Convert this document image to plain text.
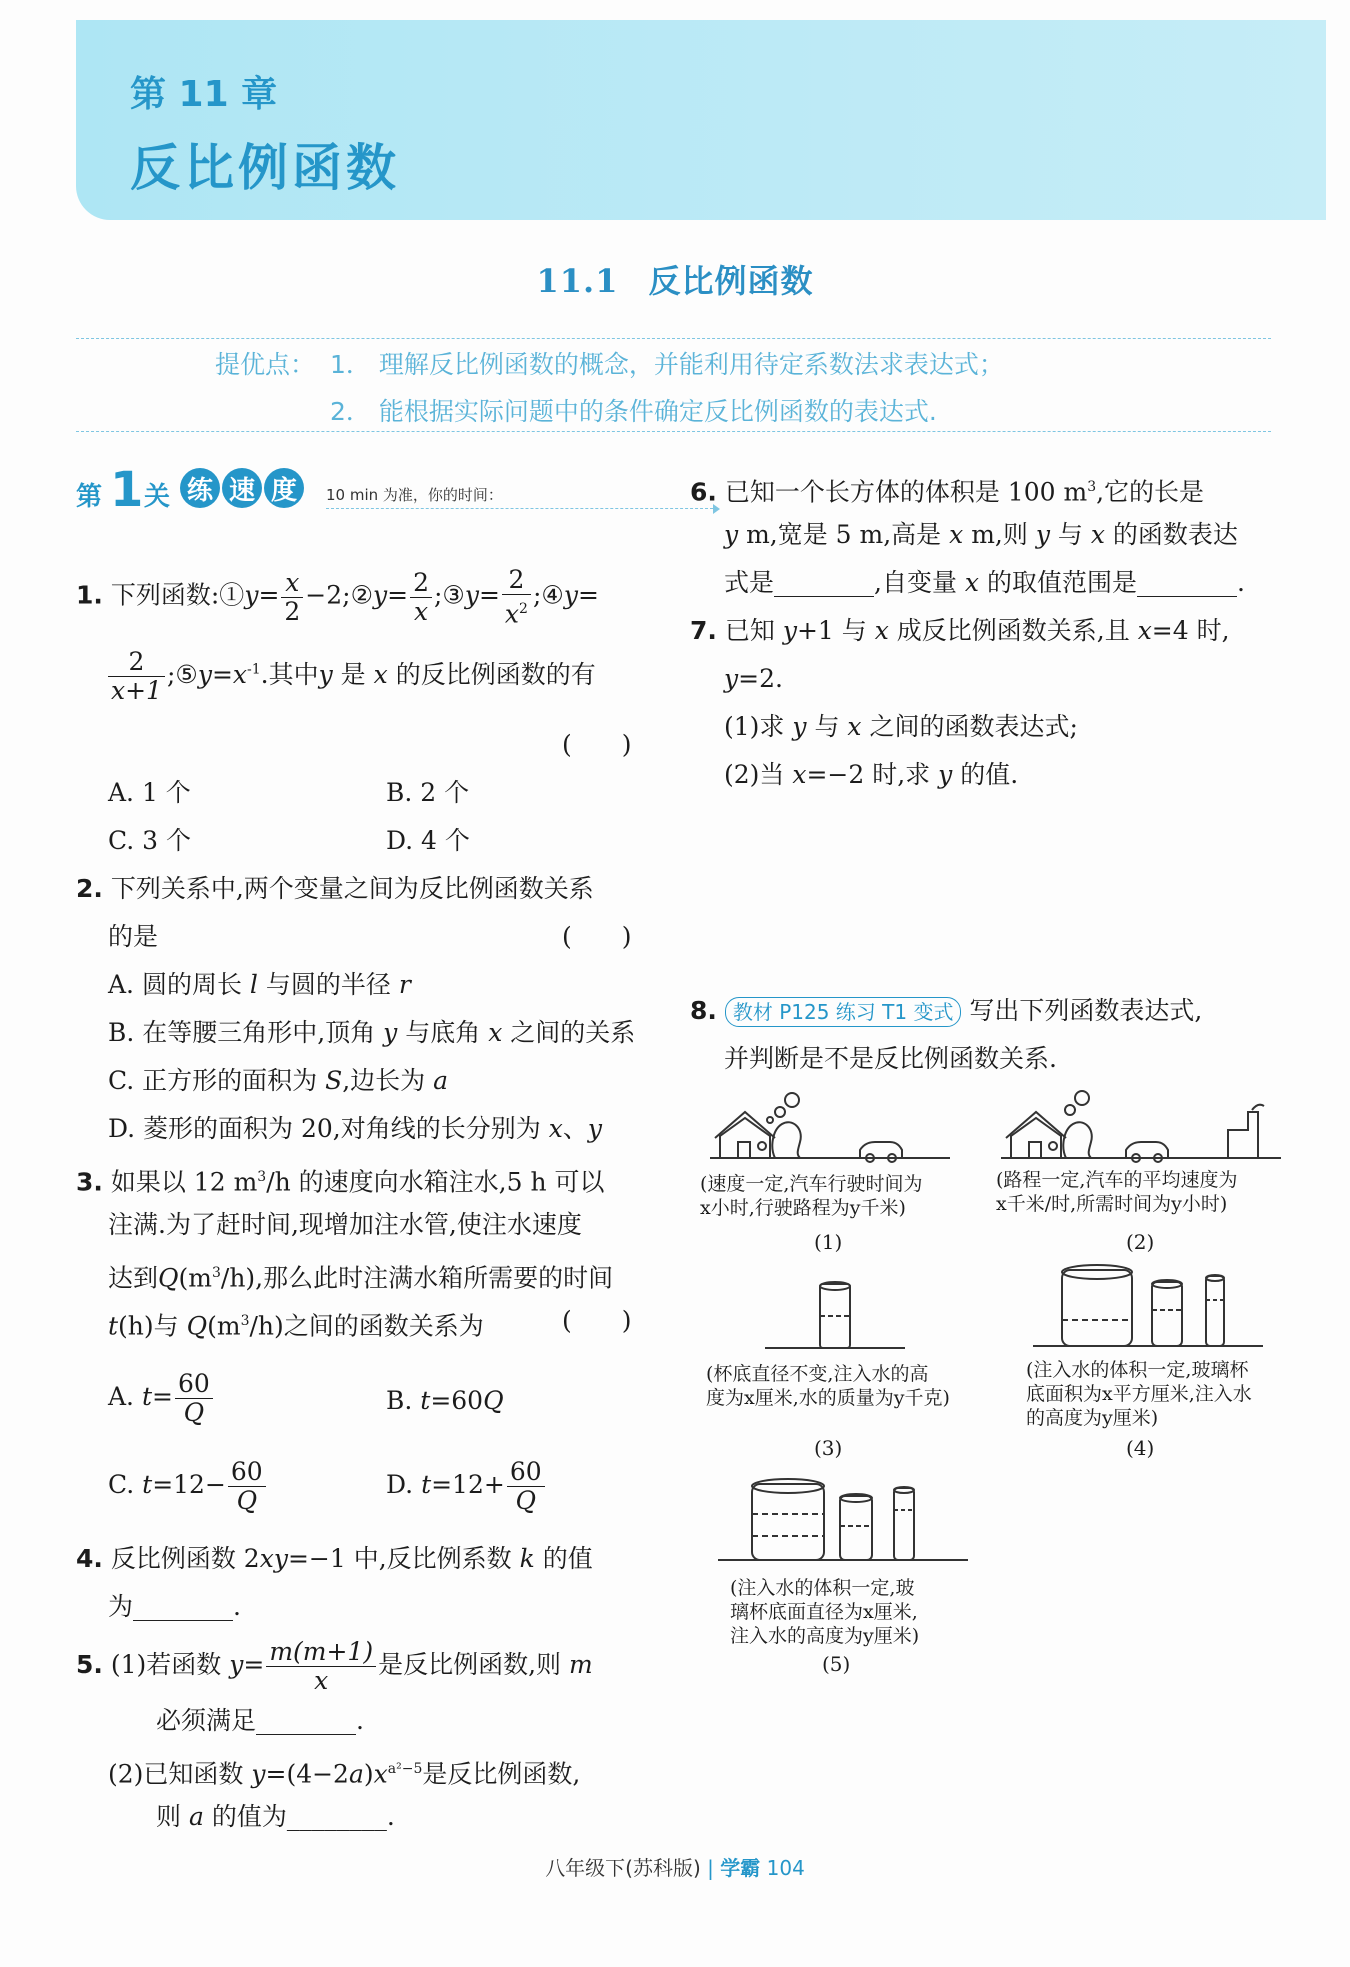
第 11 章
反比例函数
11.1 反比例函数
提优点： 1． 理解反比例函数的概念，并能利用待定系数法求表达式；
2． 能根据实际问题中的条件确定反比例函数的表达式.
第 1 关 练 速 度	10 min 为准，你的时间：
1. 下列函数:①y= $\frac{x}{2}$ −2;②y= $\frac{2}{x}$ ;③y= $\frac{2}{x^2}$ ;④y=
$\frac{2}{x+1}$ $;⑤y=x^{-1}$.其中y 是 x 的反比例函数的有
(　　)
A. 1 个	B. 2 个
C. 3 个	D. 4 个
2. 下列关系中,两个变量之间为反比例函数关系
的是	(　　)
A. 圆的周长 l 与圆的半径 r
B. 在等腰三角形中,顶角 y 与底角 x 之间的关系
C. 正方形的面积为 S,边长为 a
D. 菱形的面积为 20,对角线的长分别为 x、y
3. 如果以 12 $m^3/h$ 的速度向水箱注水,5 h 可以
注满.为了赶时间,现增加注水管,使注水速度
达到$Q(m^3/h)$,那么此时注满水箱所需要的时间
t(h)与 $Q(m^3/h)$之间的函数关系为	(　　)
A. $t= \frac{60}{Q}$	B. t=60Q
C. $t=12- \frac{60}{Q}$	D. $t=12+ \frac{60}{Q}$
4. 反比例函数 2xy=−1 中,反比例系数 k 的值
为________.
5. (1)若函数 $y= \frac{m(m+1)}{x}$ 是反比例函数,则 m
必须满足________.
(2)已知函数 $y=(4-2a)x^{a^2-5}$是反比例函数,
则 a 的值为________.
6. 已知一个长方体的体积是 100 $m^3$,它的长是
y m,宽是 5 m,高是 x m,则 y 与 x 的函数表达
式是________,自变量 x 的取值范围是________.
7. 已知 y+1 与 x 成反比例函数关系,且 x=4 时,
y=2.
(1)求 y 与 x 之间的函数表达式;
(2)当 x=−2 时,求 y 的值.
8. 教材 P125 练习 T1 变式 写出下列函数表达式,
并判断是不是反比例函数关系.
(速度一定,汽车行驶时间为
x小时,行驶路程为y千米)
(1)
(路程一定,汽车的平均速度为
x千米/时,所需时间为y小时)
(2)
(杯底直径不变,注入水的高
度为x厘米,水的质量为y千克)
(3)
(注入水的体积一定,玻璃杯
底面积为x平方厘米,注入水
的高度为y厘米)
(4)
(注入水的体积一定,玻
璃杯底面直径为x厘米,
注入水的高度为y厘米)
(5)
八年级下(苏科版) | 学霸 104
